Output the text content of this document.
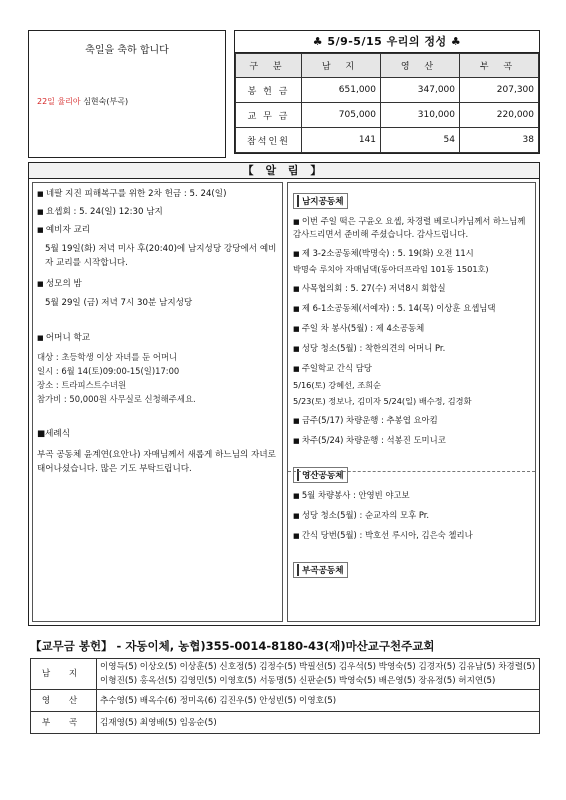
축일을 축하 합니다
22일 율리아 심현숙(부곡)
♣ 5/9-5/15 우리의 정성 ♣
구 분	남 지	영 산	부 곡
봉 헌 금	651,000	347,000	207,300
교 무 금	705,000	310,000	220,000
참석인원	141	54	38
【 알 림 】
■ 네팔 지진 피해복구를 위한 2차 헌금 : 5. 24(일)
■ 요셉회 : 5. 24(일) 12:30 남지
■ 예비자 교리
5월 19일(화) 저녁 미사 후(20:40)에 남지성당 강당에서 예비자 교리를 시작합니다.
■ 성모의 밤
5월 29일 (금) 저녁 7시 30분 남지성당
■ 어머니 학교
대상 : 초등학생 이상 자녀를 둔 어머니
일시 : 6월 14(토)09:00-15(일)17:00
장소 : 트라피스트수녀원
참가비 : 50,000원 사무실로 신청해주세요.
■세례식
부곡 공동체 윤계연(요안나) 자매님께서 새롭게 하느님의 자녀로 태어나셨습니다. 많은 기도 부탁드립니다.
남지공동체
■ 이번 주일 떡은 구윤오 요셉, 차경렬 베로니카님께서 하느님께 감사드리면서 준비해 주셨습니다. 감사드립니다.
■ 제 3-2소공동체(박명숙) : 5. 19(화) 오전 11시
박명숙 루치아 자매님댁(동아더프라임 101동 1501호)
■ 사목협의회 : 5. 27(수) 저녁8시 회합실
■ 제 6-1소공동체(서예자) : 5. 14(목) 이상훈 요셉님댁
■ 주일 차 봉사(5월) : 제 4소공동체
■ 성당 청소(5월) : 착한의견의 어머니 Pr.
■ 주일학교 간식 담당
5/16(토) 강혜선, 조희순
5/23(토) 정보나, 김미자 5/24(일) 배수정, 김경화
■ 금주(5/17) 차량운행 : 추봉엽 요아킴
■ 차주(5/24) 차량운행 : 석봉진 도미니코
영산공동체
■ 5월 차량봉사 : 안영빈 야고보
■ 성당 청소(5월) : 순교자의 모후 Pr.
■ 간식 당번(5월) : 박호선 루시아, 김은숙 첼리나
부곡공동체
【교무금 봉헌】 - 자동이체, 농협)355-0014-8180-43(재)마산교구천주교회
남 지	이영득(5) 이상오(5) 이상훈(5) 신호정(5) 김정수(5) 박필선(5) 김우석(5) 박영숙(5) 김경자(5) 김유남(5) 차경렬(5) 이형진(5) 홍옥선(5) 김영민(5) 이영호(5) 서동명(5) 신판순(5) 박영숙(5) 배은영(5) 장유정(5) 허지연(5)
영 산	추수영(5) 배옥수(6) 정미옥(6) 김진우(5) 안성빈(5) 이영호(5)
부 곡	김재영(5) 최영배(5) 임옹순(5)
